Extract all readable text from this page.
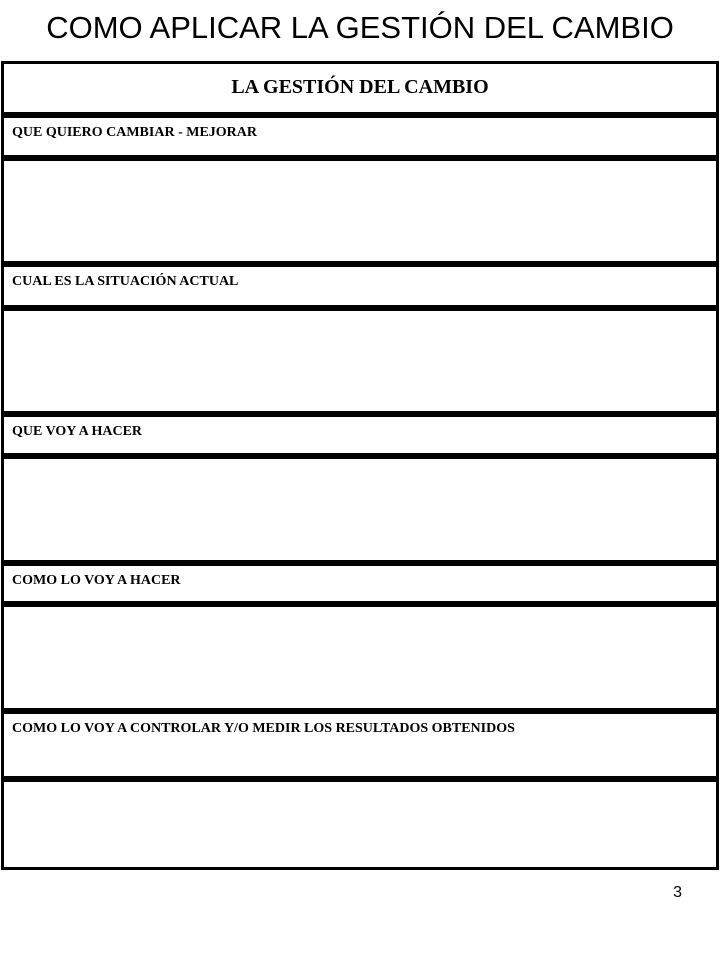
COMO APLICAR LA GESTIÓN DEL CAMBIO
LA GESTIÓN DEL CAMBIO
QUE QUIERO CAMBIAR - MEJORAR
CUAL ES LA SITUACIÓN ACTUAL
QUE VOY A HACER
COMO LO VOY A HACER
COMO LO VOY A CONTROLAR Y/O MEDIR LOS RESULTADOS OBTENIDOS
3
